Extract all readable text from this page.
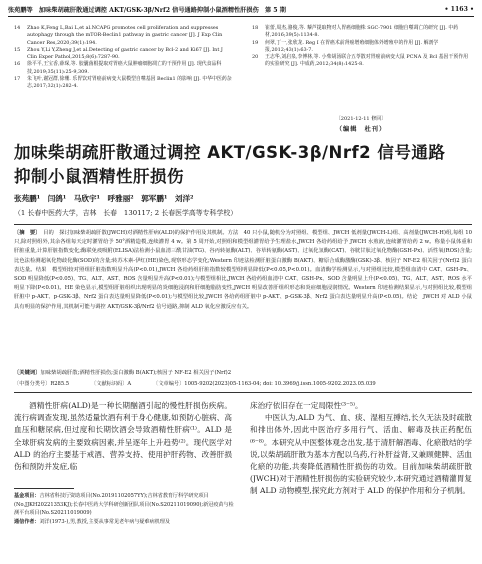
张苑鹏等　加味柴胡疏肝散通过调控 AKT/GSK-3β/Nrf2 信号通路抑制小鼠酒精性肝损伤　第 5 期	• 1163 •
14	Zhao K,Feng L,Bai L,et al.NCAPG promotes cell proliferation and suppresses autophagy through the mTOR-Beclin1 pathway in gastric cancer [J]. J Exp Clin Cancer Res,2020;39(1):194.
15	Zhou Y,Li Y,Zheng J,et al.Detecting of gastric cancer by Bcl-2 and Ki67 [J]. Int J Clin Exper Pathol,2015;8(6):7287-90.
16	徐平平,王宝香,薛琛,等. 胶囊菌根提取对胃癌大鼠肿瘤细胞凋亡的干预作用 [J]. 现代食品科技,2019;35(11):25-9,309.
17	朱飞叶,谢冠群,徐珊. 乐胃饮对胃癌前病变大鼠模型自噬基因 Beclin1 的影响 [J]. 中华中医药杂志,2017;32(1):282-4.
18	崔蕾,周杰,骆俊,等. 藜芦提取物对人胃癌细胞株 SGC-7901 细胞自噬凋亡的研究 [J]. 中药材,2016;39(5):1134-8.
19	何翠,丁一,张欣龙. Reg Ⅰ 在胃癌术前肾癌增殖细胞体外增殖中的作用 [J]. 解剖学报,2012;43(1):63-7.
20	王志华,刘启泉,李博林,等. 小柴胡汤联合五苓散对胃癌前病变大鼠 PCNA 及 Bcl 基因干预作用的实验研究 [J]. 中成药,2012;34(8):1425-8.
〔2021-12-11 修回〕
（编辑　杜刊）
加味柴胡疏肝散通过调控 AKT/GSK-3β/Nrf2 信号通路抑制小鼠酒精性肝损伤
张苑鹏¹　闫鸽¹　马欣宇¹　呼雅丽²　郭军鹏¹　刘洋²
（1 长春中医药大学，吉林　长春　130117; 2 长春医学高等专科学校）
〔摘　要〕　 目的　探讨加味柴胡疏肝散(JWCH)对酒精性肝病(ALD)的保护作用及其机制。方法　40 只小鼠,随机分为对照组、模型组、JWCH 低剂量(JWCH-L)组、高剂量(JWCH-H)组,每组 10 只,除对照组外,其余各组每天定时灌胃给予 50°酒精造模,连续灌胃 4 w。第 5 周开始,对照组和模型组灌胃给予生理盐水,JWCH 各给药组给予 JWCH 水煎液,连续灌胃给药 2 w。称量小鼠体重和肝脏重量,计算肝脏指数变化;酶联免疫吸附(ELISA)法检测小鼠血清三酰甘油(TG)、谷丙转氨酶(ALT)、谷草转氨酶(AST)、过氧化氢酶(CAT)、谷胱甘肽过氧化物酶(GSH-Px)、活性氧(ROS)含量;比色法检测超氧化物歧化酶(SOD)的含量;转苏木素-伊红(HE)染色,观察形态学变化;Western 印迹法检测肝脏蛋白激酶 B(AKT)、糖原合成酶激酶(GSK)-3β、核因子 NF-E2 相关因子(Nrf)2 蛋白表达量。结果　模型组较对照组肝脏指数明显升高(P<0.01),JWCH 各给药组肝脏指数较模型组明显降低(P<0.05,P<0.01)。血清酶学检测显示,与对照组比较,模型组血清中 CAT、GSH-Px、SOD 明显降低(P<0.05)、TG、ALT、AST、ROS 含量明显升高(P<0.01);与模型组相比,JWCH 各给药组血清中 CAT、GSH-Px、SOD 含量明显上升(P<0.05)、TG、ALT、AST、ROS 水平明显下降(P<0.01)。HE 染色显示,模型组肝脏组织出现明显的炎细胞浸润和肝细胞脂肪变性,JWCH 明显改善肝组织形态和炎症细胞浸润情况。Western 印迹检测结果显示,与对照组比较,模型组肝脏中 p-AKT、p-GSK-3β、Nrf2 蛋白表达量明显降低(P<0.01);与模型组比较,JWCH 各给药组肝脏中 p-AKT、p-GSK-3β、Nrf2 蛋白表达量明显升高(P<0.05)。结论　JWCH 对 ALD 小鼠具有明显的保护作用,其机制可能与调控 AKT/GSK-3β/Nrf2 信号通路,抑制 ALD 氧化应激反应有关。
〔关键词〕加味柴胡疏肝散;酒精性肝损伤;蛋白激酶 B(AKT);核因子 NF-E2 相关因子(Nrf)2
〔中图分类号〕R285.5	〔文献标识码〕A	〔文章编号〕1005-9202(2023)05-1163-04; doi: 10.3969/j.issn.1005-9202.2023.05.039
酒精性肝病(ALD)是一种长期酗酒引起的慢性肝损伤疾病。流行病调查发现,虽然适量饮酒有利于身心健康,如预防心脏病、高血压和糖尿病,但过度和长期饮酒会导致酒精性肝病⁽¹⁾。ALD 是全球肝病发病的主要致病因素,并呈逐年上升趋势⁽²⁾。现代医学对 ALD 的治疗主要基于戒酒、营养支持、使用护肝药物、改善肝损伤和预防并发症,临

床治疗依旧存在一定局限性⁽³⁻⁵⁾。

中医认为,ALD 为气、血、痰、湿相互搏结,长久无法及时疏散和排出体外,因此中医治疗多用行气、活血、解毒及扶正药配伍⁽⁶⁻⁸⁾。本研究从中医整体观念出发,基于清肝解酒毒、化瘀散结的学说,以柴胡疏肝散为基本方配以乌药,行补肝益肾,又兼顾健脾、活血化瘀的功能,共奏降低酒精性肝损伤的功效。目前加味柴胡疏肝散(JWCH)对于酒精性肝损伤的实验研究较少,本研究通过酒精灌胃复制 ALD 动物模型,探究此方剂对于 ALD 的保护作用和分子机制。

基金项目：吉林省科技厅资助项目(No.20191102057YY);吉林省教育厅科学研究项目(No.JJKH20221353KJ);长春中医药大学科研创新团队项目(No.S20211019090);新冠疫苗与检测平台项目(No.S20211019009)

通信作者：刘洋(1973-),男,教授,主要从事常见老年病与疑难病机理及
